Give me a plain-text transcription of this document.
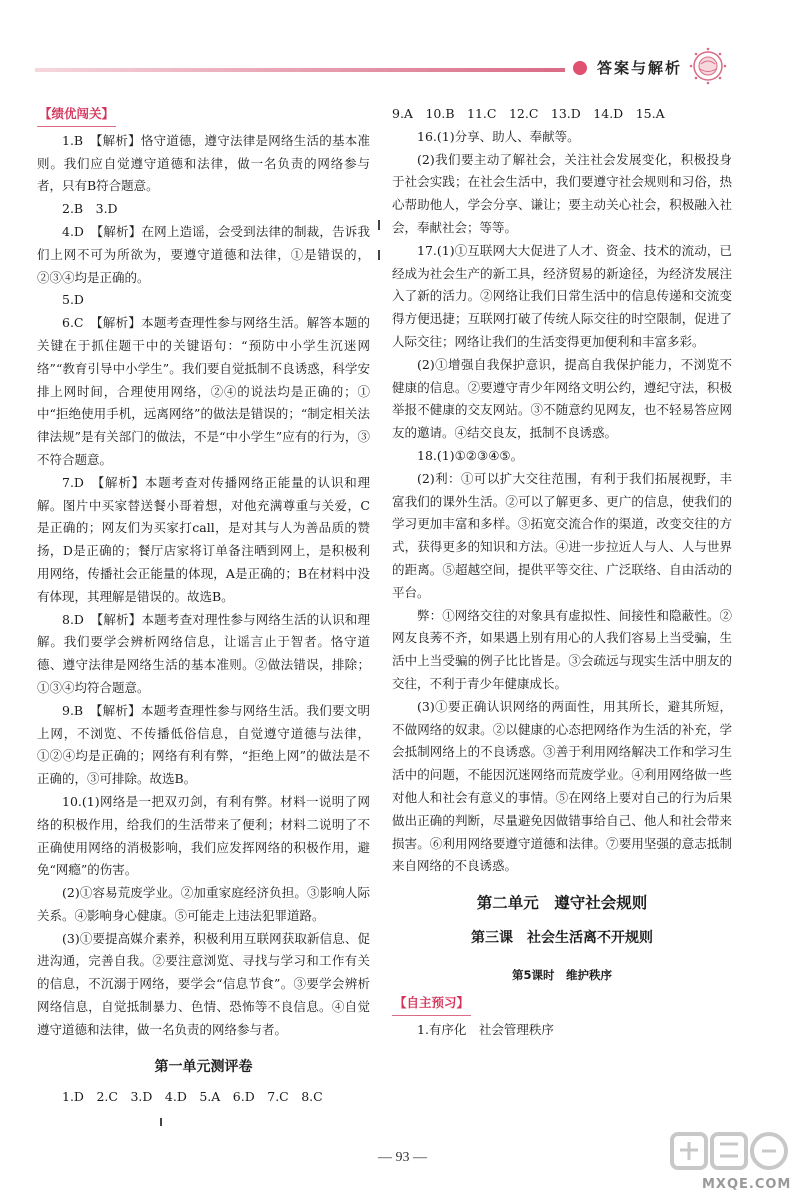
答案与解析
【绩优闯关】

1.B　【解析】恪守道德，遵守法律是网络生活的基本准则。我们应自觉遵守道德和法律，做一名负责的网络参与者，只有B符合题意。

2.B　3.D

4.D　【解析】在网上造谣，会受到法律的制裁，告诉我们上网不可为所欲为，要遵守道德和法律，①是错误的，②③④均是正确的。

5.D

6.C　【解析】本题考查理性参与网络生活。解答本题的关键在于抓住题干中的关键语句：“预防中小学生沉迷网络”“教育引导中小学生”。我们要自觉抵制不良诱惑，科学安排上网时间，合理使用网络，②④的说法均是正确的；①中“拒绝使用手机，远离网络”的做法是错误的；“制定相关法律法规”是有关部门的做法，不是“中小学生”应有的行为，③不符合题意。

7.D　【解析】本题考查对传播网络正能量的认识和理解。图片中买家替送餐小哥着想，对他充满尊重与关爱，C是正确的；网友们为买家打call，是对其与人为善品质的赞扬，D是正确的；餐厅店家将订单备注晒到网上，是积极利用网络，传播社会正能量的体现，A是正确的；B在材料中没有体现，其理解是错误的。故选B。

8.D　【解析】本题考查对理性参与网络生活的认识和理解。我们要学会辨析网络信息，让谣言止于智者。恪守道德、遵守法律是网络生活的基本准则。②做法错误，排除；①③④均符合题意。

9.B　【解析】本题考查理性参与网络生活。我们要文明上网，不浏览、不传播低俗信息，自觉遵守道德与法律，①②④均是正确的；网络有利有弊，“拒绝上网”的做法是不正确的，③可排除。故选B。

10.(1)网络是一把双刃剑，有利有弊。材料一说明了网络的积极作用，给我们的生活带来了便利；材料二说明了不正确使用网络的消极影响，我们应发挥网络的积极作用，避免“网瘾”的伤害。

(2)①容易荒废学业。②加重家庭经济负担。③影响人际关系。④影响身心健康。⑤可能走上违法犯罪道路。

(3)①要提高媒介素养，积极利用互联网获取新信息、促进沟通，完善自我。②要注意浏览、寻找与学习和工作有关的信息，不沉溺于网络，要学会“信息节食”。③要学会辨析网络信息，自觉抵制暴力、色情、恐怖等不良信息。④自觉遵守道德和法律，做一名负责的网络参与者。

第一单元测评卷

1.D　2.C　3.D　4.D　5.A　6.D　7.C　8.C

9.A　10.B　11.C　12.C　13.D　14.D　15.A

16.(1)分享、助人、奉献等。

(2)我们要主动了解社会，关注社会发展变化，积极投身于社会实践；在社会生活中，我们要遵守社会规则和习俗，热心帮助他人，学会分享、谦让；要主动关心社会，积极融入社会，奉献社会；等等。

17.(1)①互联网大大促进了人才、资金、技术的流动，已经成为社会生产的新工具，经济贸易的新途径，为经济发展注入了新的活力。②网络让我们日常生活中的信息传递和交流变得方便迅捷；互联网打破了传统人际交往的时空限制，促进了人际交往；网络让我们的生活变得更加便利和丰富多彩。

(2)①增强自我保护意识，提高自我保护能力，不浏览不健康的信息。②要遵守青少年网络文明公约，遵纪守法，积极举报不健康的交友网站。③不随意约见网友，也不轻易答应网友的邀请。④结交良友，抵制不良诱惑。

18.(1)①②③④⑤。

(2)利：①可以扩大交往范围，有利于我们拓展视野，丰富我们的课外生活。②可以了解更多、更广的信息，使我们的学习更加丰富和多样。③拓宽交流合作的渠道，改变交往的方式，获得更多的知识和方法。④进一步拉近人与人、人与世界的距离。⑤超越空间，提供平等交往、广泛联络、自由活动的平台。

弊：①网络交往的对象具有虚拟性、间接性和隐蔽性。②网友良莠不齐，如果遇上别有用心的人我们容易上当受骗，生活中上当受骗的例子比比皆是。③会疏远与现实生活中朋友的交往，不利于青少年健康成长。

(3)①要正确认识网络的两面性，用其所长，避其所短，不做网络的奴隶。②以健康的心态把网络作为生活的补充，学会抵制网络上的不良诱惑。③善于利用网络解决工作和学习生活中的问题，不能因沉迷网络而荒废学业。④利用网络做一些对他人和社会有意义的事情。⑤在网络上要对自己的行为后果做出正确的判断，尽量避免因做错事给自己、他人和社会带来损害。⑥利用网络要遵守道德和法律。⑦要用坚强的意志抵制来自网络的不良诱惑。

第二单元　遵守社会规则

第三课　社会生活离不开规则

第5课时　维护秩序

【自主预习】

1.有序化　社会管理秩序

— 93 —
MXQE.COM
